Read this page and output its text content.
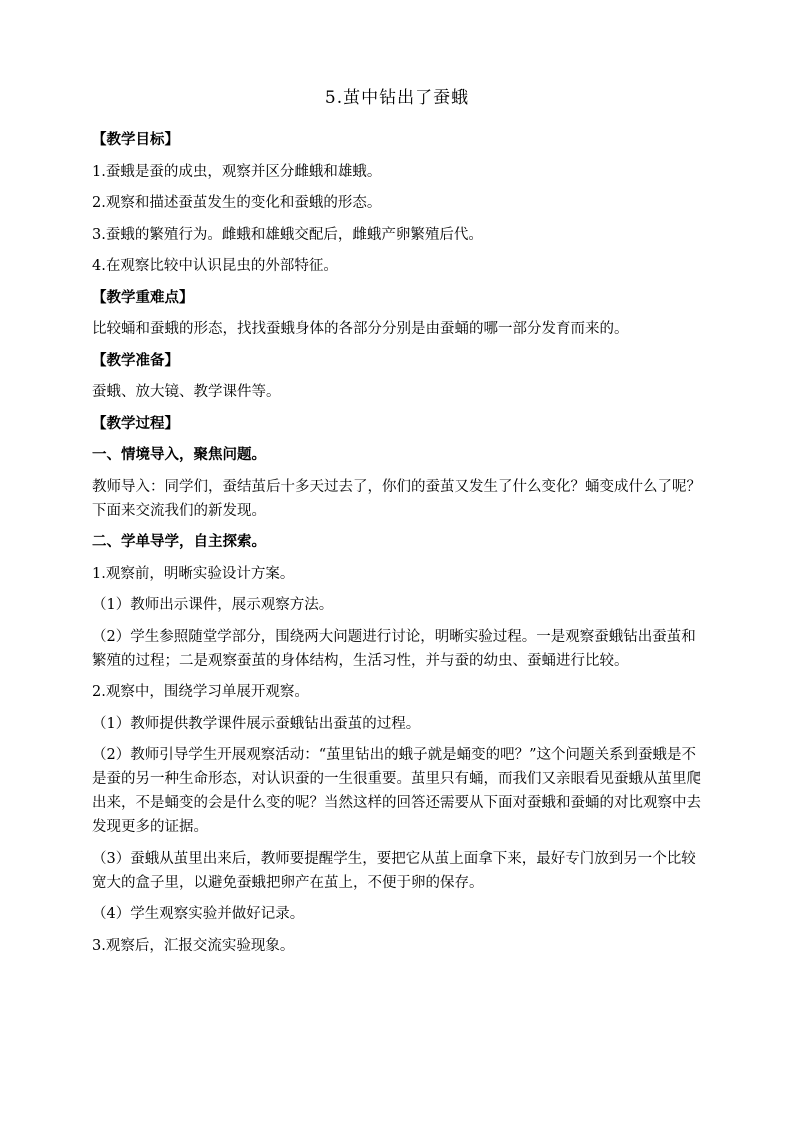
5.茧中钻出了蚕蛾

【教学目标】

1.蚕蛾是蚕的成虫，观察并区分雌蛾和雄蛾。

2.观察和描述蚕茧发生的变化和蚕蛾的形态。

3.蚕蛾的繁殖行为。雌蛾和雄蛾交配后，雌蛾产卵繁殖后代。

4.在观察比较中认识昆虫的外部特征。

【教学重难点】

比较蛹和蚕蛾的形态，找找蚕蛾身体的各部分分别是由蚕蛹的哪一部分发育而来的。

【教学准备】

蚕蛾、放大镜、教学课件等。

【教学过程】

一、情境导入，聚焦问题。

教师导入：同学们，蚕结茧后十多天过去了，你们的蚕茧又发生了什么变化？蛹变成什么了呢？下面来交流我们的新发现。

二、学单导学，自主探索。

1.观察前，明晰实验设计方案。

（1）教师出示课件，展示观察方法。

（2）学生参照随堂学部分，围绕两大问题进行讨论，明晰实验过程。一是观察蚕蛾钻出蚕茧和繁殖的过程；二是观察蚕茧的身体结构，生活习性，并与蚕的幼虫、蚕蛹进行比较。

2.观察中，围绕学习单展开观察。

（1）教师提供教学课件展示蚕蛾钻出蚕茧的过程。

（2）教师引导学生开展观察活动：“茧里钻出的蛾子就是蛹变的吧？”这个问题关系到蚕蛾是不是蚕的另一种生命形态，对认识蚕的一生很重要。茧里只有蛹，而我们又亲眼看见蚕蛾从茧里爬出来，不是蛹变的会是什么变的呢？当然这样的回答还需要从下面对蚕蛾和蚕蛹的对比观察中去发现更多的证据。

（3）蚕蛾从茧里出来后，教师要提醒学生，要把它从茧上面拿下来，最好专门放到另一个比较宽大的盒子里，以避免蚕蛾把卵产在茧上，不便于卵的保存。

（4）学生观察实验并做好记录。

3.观察后，汇报交流实验现象。
